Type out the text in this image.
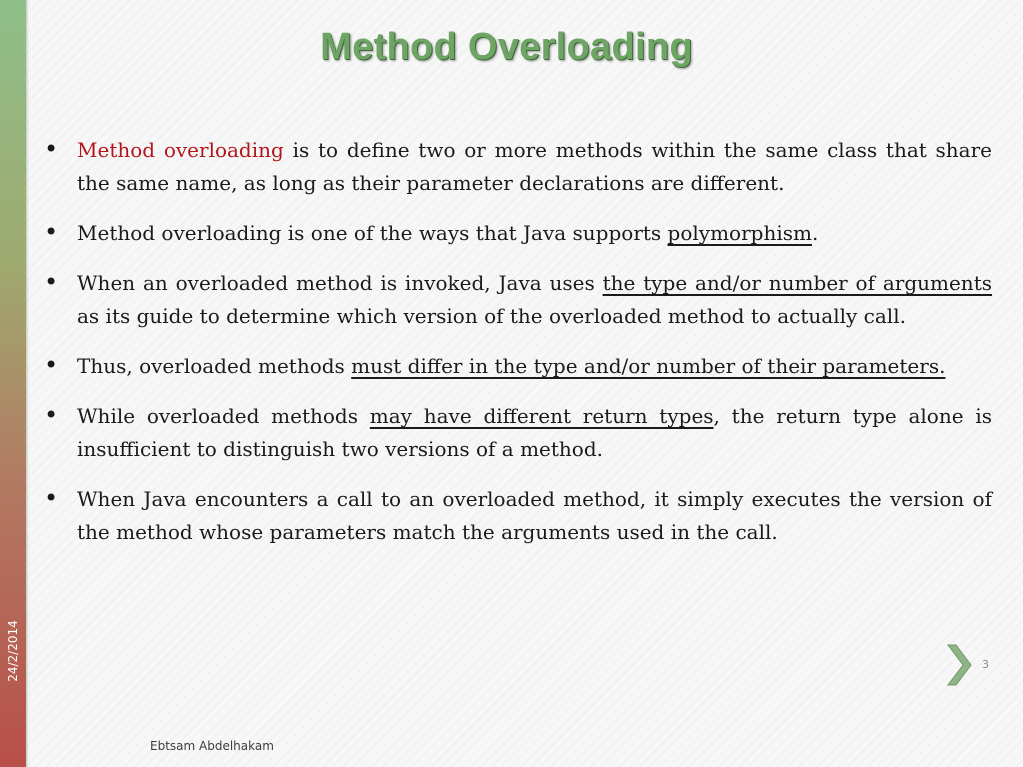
24/2/2014
Method Overloading
• Method overloading is to define two or more methods within the same class that share the same name, as long as their parameter declarations are different.
• Method overloading is one of the ways that Java supports polymorphism.
• When an overloaded method is invoked, Java uses the type and/or number of arguments as its guide to determine which version of the overloaded method to actually call.
• Thus, overloaded methods must differ in the type and/or number of their parameters.
• While overloaded methods may have different return types, the return type alone is insufficient to distinguish two versions of a method.
• When Java encounters a call to an overloaded method, it simply executes the version of the method whose parameters match the arguments used in the call.
3
Ebtsam Abdelhakam
